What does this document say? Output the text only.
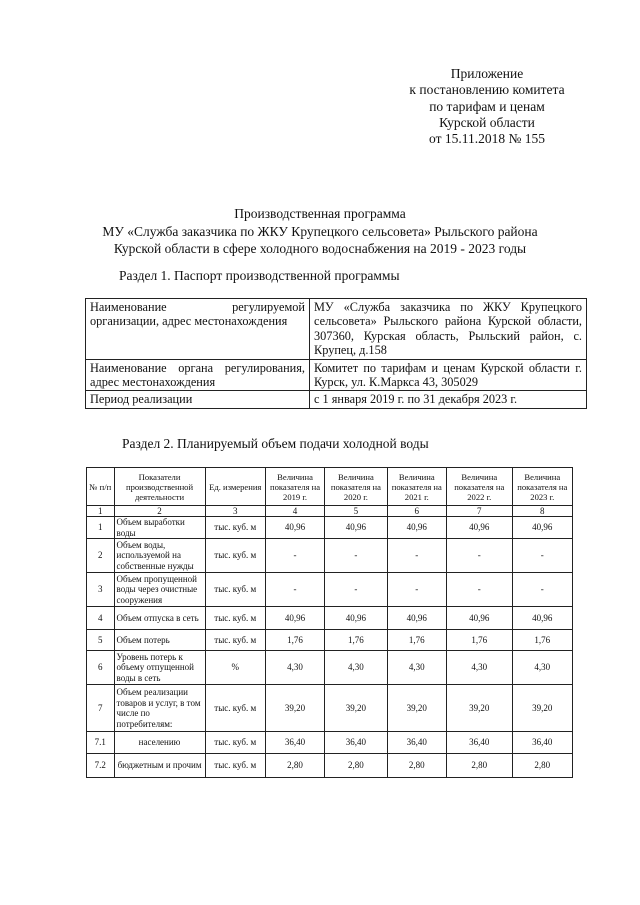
Приложение
к постановлению комитета
по тарифам и ценам
Курской области
от 15.11.2018 № 155
Производственная программа
МУ «Служба заказчика по ЖКУ Крупецкого сельсовета» Рыльского района
Курской области в сфере холодного водоснабжения на 2019 - 2023 годы
Раздел 1. Паспорт производственной программы
Наименование регулируемой организации, адрес местонахождения	МУ «Служба заказчика по ЖКУ Крупецкого сельсовета» Рыльского района Курской области, 307360, Курская область, Рыльский район, с. Крупец, д.158
Наименование органа регулирования, адрес местонахождения	Комитет по тарифам и ценам Курской области г. Курск, ул. К.Маркса 43, 305029
Период реализации	с 1 января 2019 г. по 31 декабря 2023 г.
Раздел 2. Планируемый объем подачи холодной воды
№ п/п	Показатели производственной деятельности	Ед. измерения	Величина показателя на 2019 г.	Величина показателя на 2020 г.	Величина показателя на 2021 г.	Величина показателя на 2022 г.	Величина показателя на 2023 г.
1	2	3	4	5	6	7	8
1	Объем выработки воды	тыс. куб. м	40,96	40,96	40,96	40,96	40,96
2	Объем воды, используемой на собственные нужды	тыс. куб. м	-	-	-	-	-
3	Объем пропущенной воды через очистные сооружения	тыс. куб. м	-	-	-	-	-
4	Объем отпуска в сеть	тыс. куб. м	40,96	40,96	40,96	40,96	40,96
5	Объем потерь	тыс. куб. м	1,76	1,76	1,76	1,76	1,76
6	Уровень потерь к объему отпущенной воды в сеть	%	4,30	4,30	4,30	4,30	4,30
7	Объем реализации товаров и услуг, в том числе по потребителям:	тыс. куб. м	39,20	39,20	39,20	39,20	39,20
7.1	населению	тыс. куб. м	36,40	36,40	36,40	36,40	36,40
7.2	бюджетным и прочим	тыс. куб. м	2,80	2,80	2,80	2,80	2,80
